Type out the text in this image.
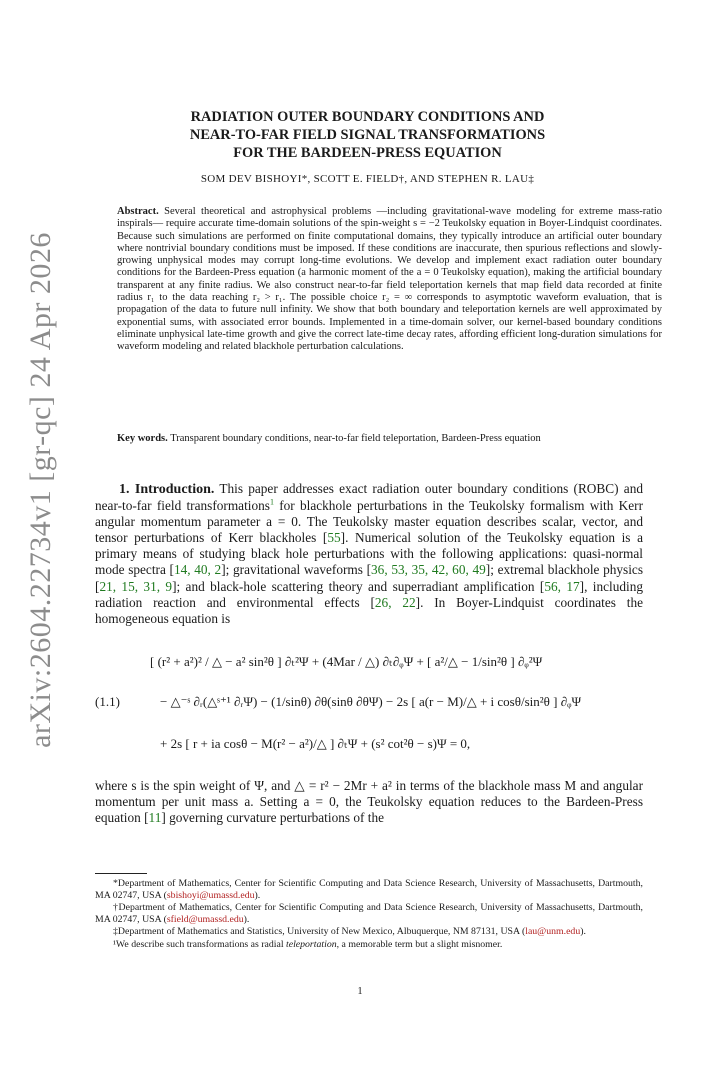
arXiv:2604.22734v1 [gr-qc] 24 Apr 2026
RADIATION OUTER BOUNDARY CONDITIONS AND
NEAR-TO-FAR FIELD SIGNAL TRANSFORMATIONS
FOR THE BARDEEN-PRESS EQUATION
SOM DEV BISHOYI*, SCOTT E. FIELD†, AND STEPHEN R. LAU‡
Abstract. Several theoretical and astrophysical problems —including gravitational-wave modeling for extreme mass-ratio inspirals— require accurate time-domain solutions of the spin-weight s = −2 Teukolsky equation in Boyer-Lindquist coordinates. Because such simulations are performed on finite computational domains, they typically introduce an artificial outer boundary where nontrivial boundary conditions must be imposed. If these conditions are inaccurate, then spurious reflections and slowly-growing unphysical modes may corrupt long-time evolutions. We develop and implement exact radiation outer boundary conditions for the Bardeen-Press equation (a harmonic moment of the a = 0 Teukolsky equation), making the artificial boundary transparent at any finite radius. We also construct near-to-far field teleportation kernels that map field data recorded at finite radius r₁ to the data reaching r₂ > r₁. The possible choice r₂ = ∞ corresponds to asymptotic waveform evaluation, that is propagation of the data to future null infinity. We show that both boundary and teleportation kernels are well approximated by exponential sums, with associated error bounds. Implemented in a time-domain solver, our kernel-based boundary conditions eliminate unphysical late-time growth and give the correct late-time decay rates, affording efficient long-duration simulations for waveform modeling and related blackhole perturbation calculations.
Key words. Transparent boundary conditions, near-to-far field teleportation, Bardeen-Press equation
1. Introduction. This paper addresses exact radiation outer boundary conditions (ROBC) and near-to-far field transformations$^1$ for blackhole perturbations in the Teukolsky formalism with Kerr angular momentum parameter a = 0. The Teukolsky master equation describes scalar, vector, and tensor perturbations of Kerr blackholes [55]. Numerical solution of the Teukolsky equation is a primary means of studying black hole perturbations with the following applications: quasi-normal mode spectra [14, 40, 2]; gravitational waveforms [36, 53, 35, 42, 60, 49]; extremal blackhole physics [21, 15, 31, 9]; and black-hole scattering theory and superradiant amplification [56, 17], including radiation reaction and environmental effects [26, 22]. In Boyer-Lindquist coordinates the homogeneous equation is
(1.1)
[ (r² + a²)² / △ − a² sin²θ ] ∂ₜ²Ψ + (4Mar / △) ∂ₜ∂ᵩΨ + [ a²/△ − 1/sin²θ ] ∂ᵩ²Ψ
− △⁻ˢ ∂ᵣ(△ˢ⁺¹ ∂ᵣΨ) − (1/sinθ) ∂θ(sinθ ∂θΨ) − 2s [ a(r − M)/△ + i cosθ/sin²θ ] ∂ᵩΨ
+ 2s [ r + ia cosθ − M(r² − a²)/△ ] ∂ₜΨ + (s² cot²θ − s)Ψ = 0,
where s is the spin weight of Ψ, and △ = r² − 2Mr + a² in terms of the blackhole mass M and angular momentum per unit mass a. Setting a = 0, the Teukolsky equation reduces to the Bardeen-Press equation [11] governing curvature perturbations of the

*Department of Mathematics, Center for Scientific Computing and Data Science Research, University of Massachusetts, Dartmouth, MA 02747, USA (sbishoyi@umassd.edu).

†Department of Mathematics, Center for Scientific Computing and Data Science Research, University of Massachusetts, Dartmouth, MA 02747, USA (sfield@umassd.edu).

‡Department of Mathematics and Statistics, University of New Mexico, Albuquerque, NM 87131, USA (lau@unm.edu).

¹We describe such transformations as radial teleportation, a memorable term but a slight misnomer.

1
